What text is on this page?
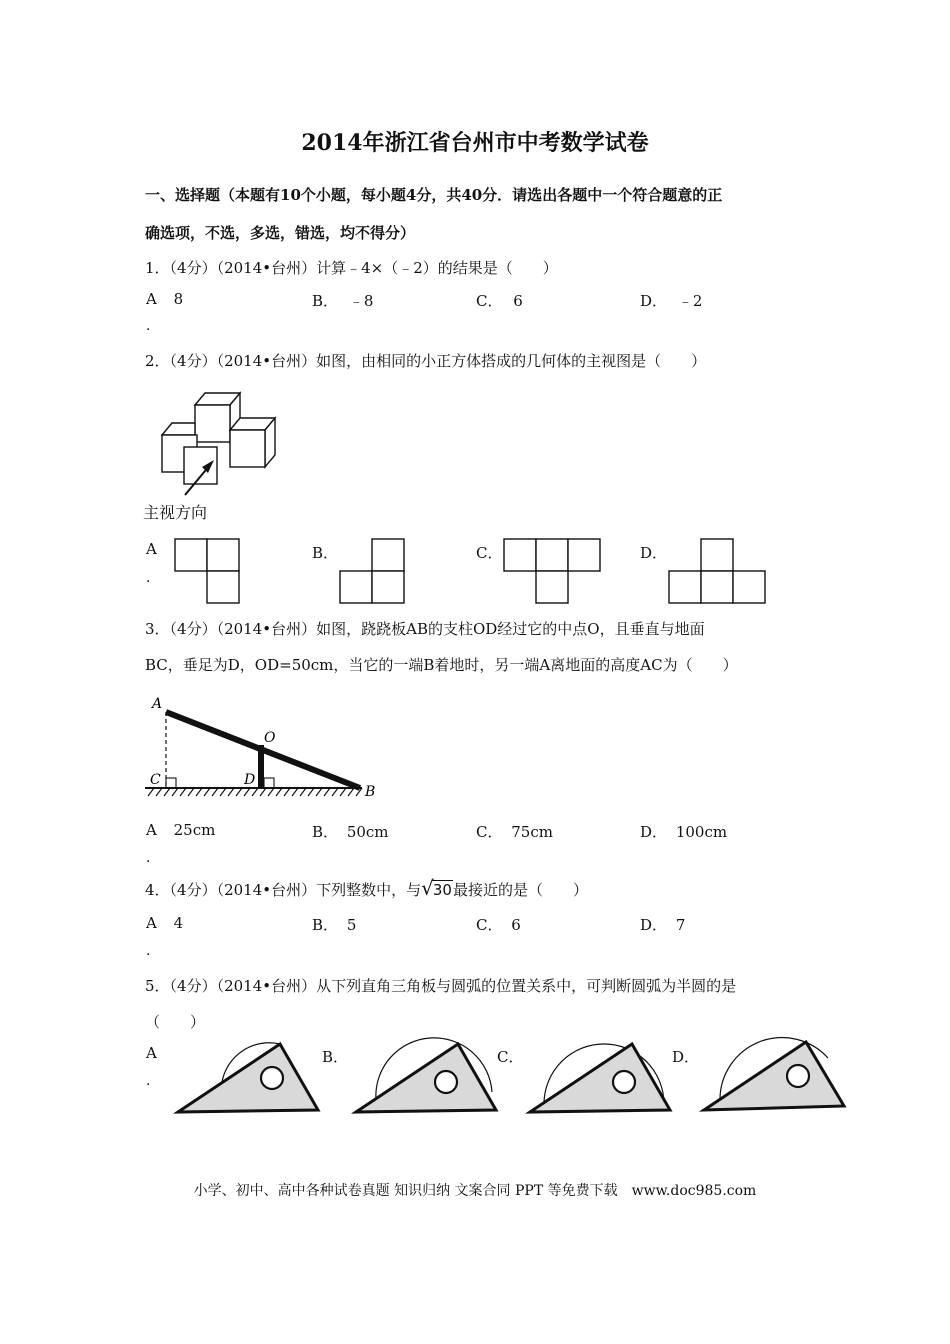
2014年浙江省台州市中考数学试卷
一、选择题（本题有10个小题，每小题4分，共40分．请选出各题中一个符合题意的正
确选项，不选，多选，错选，均不得分）
1．（4分）（2014•台州）计算﹣4×（﹣2）的结果是（　　）
A 8
.
B． ﹣8	C． 6	D． ﹣2
2．（4分）（2014•台州）如图，由相同的小正方体搭成的几何体的主视图是（　　）
主视方向
A
.
B．	C．	D．
3．（4分）（2014•台州）如图，跷跷板AB的支柱OD经过它的中点O，且垂直与地面
BC，垂足为D，OD=50cm，当它的一端B着地时，另一端A离地面的高度AC为（　　）
A
O
C	D
B
A 25cm
.
B． 50cm	C． 75cm	D． 100cm
4．（4分）（2014•台州）下列整数中，与√30最接近的是（　　）
A 4
.
B． 5	C． 6	D． 7
5．（4分）（2014•台州）从下列直角三角板与圆弧的位置关系中，可判断圆弧为半圆的是
（　　）
A
.
B．	C．	D．
小学、初中、高中各种试卷真题 知识归纳 文案合同 PPT 等免费下载　www.doc985.com
